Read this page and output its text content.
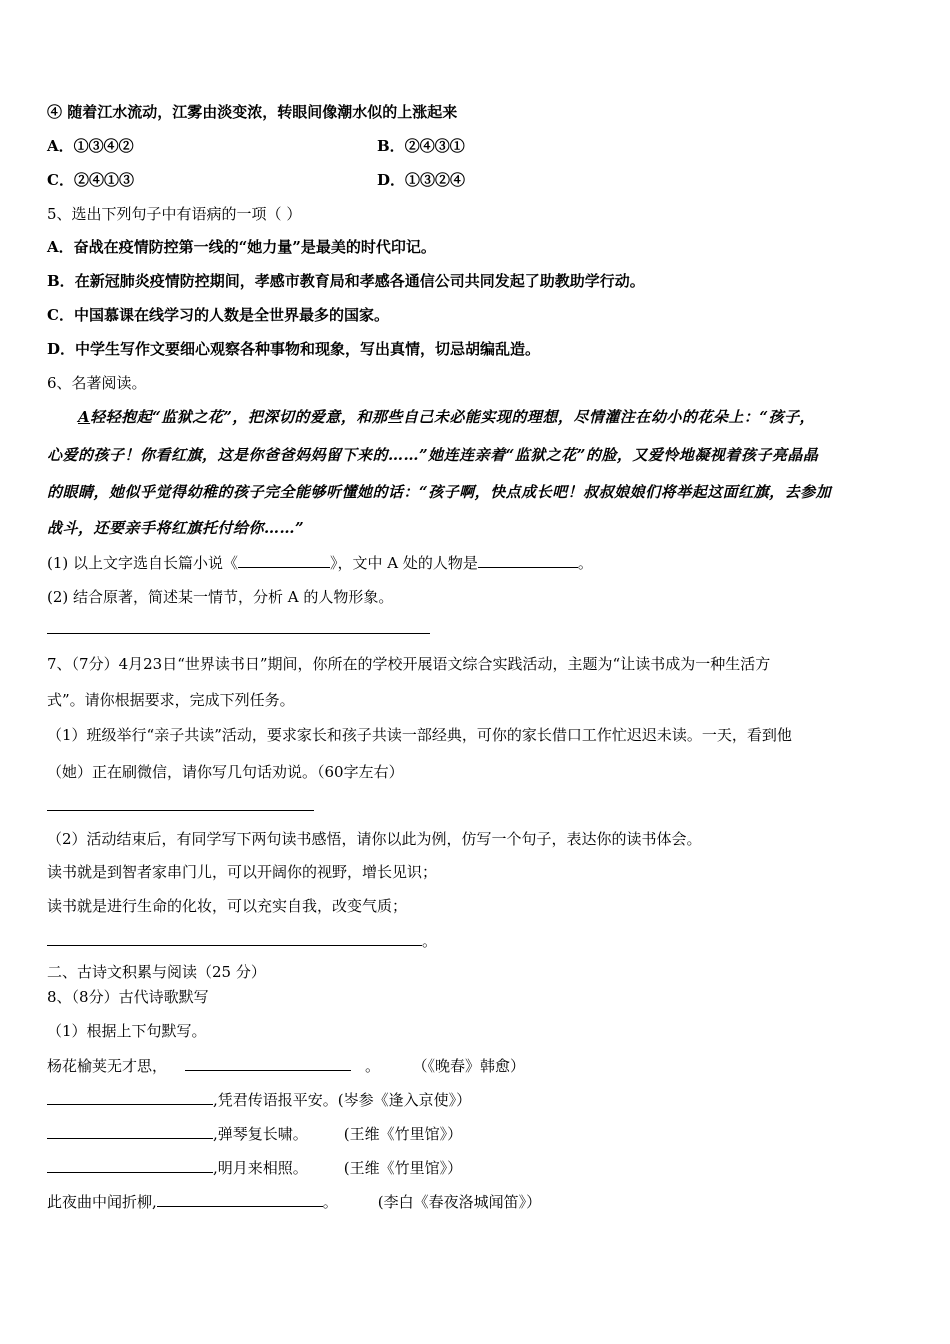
④ 随着江水流动，江雾由淡变浓，转眼间像潮水似的上涨起来
A．①③④②	B．②④③①
C．②④①③	D．①③②④
5、选出下列句子中有语病的一项（ ）
A．奋战在疫情防控第一线的“她力量”是最美的时代印记。
B．在新冠肺炎疫情防控期间，孝感市教育局和孝感各通信公司共同发起了助教助学行动。
C．中国慕课在线学习的人数是全世界最多的国家。
D．中学生写作文要细心观察各种事物和现象，写出真情，切忌胡编乱造。
6、名著阅读。
A轻轻抱起“监狱之花”，把深切的爱意，和那些自己未必能实现的理想，尽情灌注在幼小的花朵上：“孩子，
心爱的孩子！你看红旗，这是你爸爸妈妈留下来的……”她连连亲着“监狱之花”的脸，又爱怜地凝视着孩子亮晶晶
的眼睛，她似乎觉得幼稚的孩子完全能够听懂她的话：“孩子啊，快点成长吧！叔叔娘娘们将举起这面红旗，去参加
战斗，还要亲手将红旗托付给你……”
(1) 以上文字选自长篇小说《	》，文中 A 处的人物是	。
(2) 结合原著，简述某一情节，分析 A 的人物形象。
7、（7分）4月23日“世界读书日”期间，你所在的学校开展语文综合实践活动，主题为“让读书成为一种生活方
式”。请你根据要求，完成下列任务。
（1）班级举行“亲子共读”活动，要求家长和孩子共读一部经典，可你的家长借口工作忙迟迟未读。一天，看到他
（她）正在刷微信，请你写几句话劝说。（60字左右）
（2）活动结束后，有同学写下两句读书感悟，请你以此为例，仿写一个句子，表达你的读书体会。
读书就是到智者家串门儿，可以开阔你的视野，增长见识；
读书就是进行生命的化妆，可以充实自我，改变气质；
。
二、古诗文积累与阅读（25 分）
8、（8分）古代诗歌默写
（1）根据上下句默写。
杨花榆荚无才思，	。	（《晚春》韩愈）
,凭君传语报平安。(岑参《逢入京使》）
,弹琴复长啸。 (王维《竹里馆》）
,明月来相照。 (王维《竹里馆》）
此夜曲中闻折柳,	。	(李白《春夜洛城闻笛》）
